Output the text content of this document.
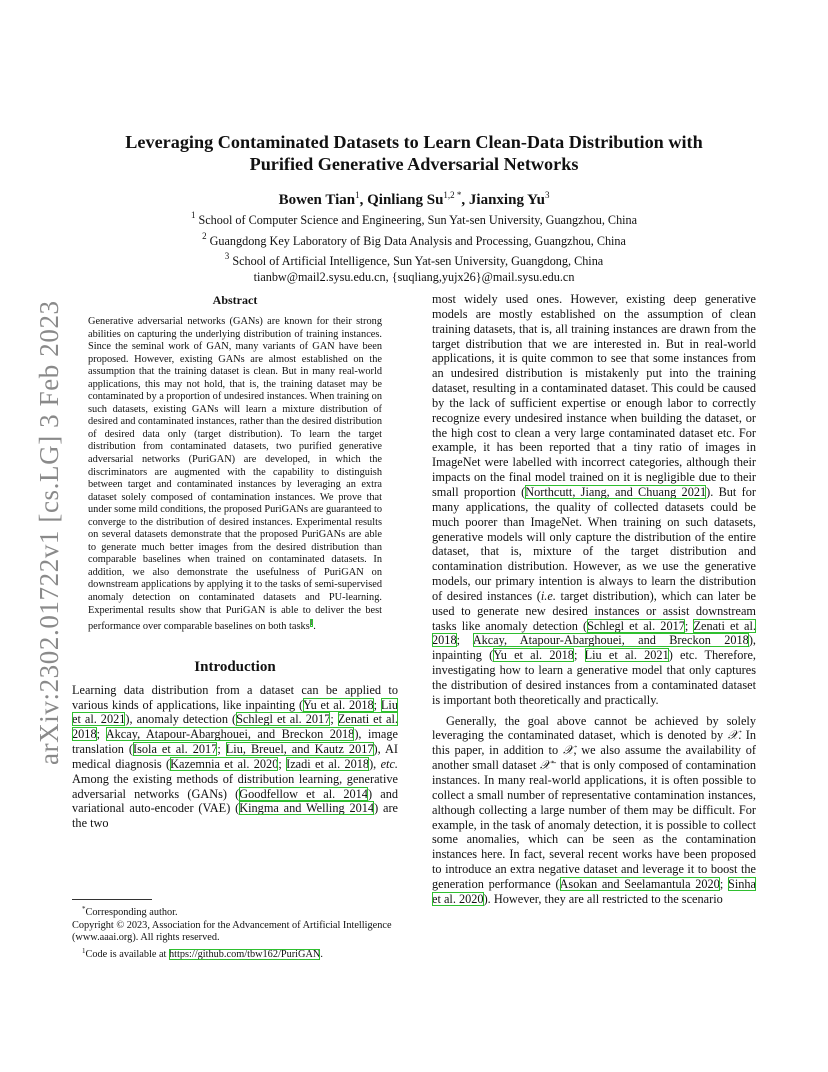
arXiv:2302.01722v1 [cs.LG] 3 Feb 2023
Leveraging Contaminated Datasets to Learn Clean-Data Distribution with
Purified Generative Adversarial Networks
Bowen Tian$^1$, Qinliang $Su^{1,2 *}$, Jianxing Yu$^3$
$^1$ School of Computer Science and Engineering, Sun Yat-sen University, Guangzhou, China
$^2$ Guangdong Key Laboratory of Big Data Analysis and Processing, Guangzhou, China
$^3$ School of Artificial Intelligence, Sun Yat-sen University, Guangdong, China
tianbw@mail2.sysu.edu.cn, {suqliang,yujx26}@mail.sysu.edu.cn
Abstract
Generative adversarial networks (GANs) are known for their strong abilities on capturing the underlying distribution of training instances. Since the seminal work of GAN, many variants of GAN have been proposed. However, existing GANs are almost established on the assumption that the training dataset is clean. But in many real-world applications, this may not hold, that is, the training dataset may be contaminated by a proportion of undesired instances. When training on such datasets, existing GANs will learn a mixture distribution of desired and contaminated instances, rather than the desired distribution of desired data only (target distribution). To learn the target distribution from contaminated datasets, two purified generative adversarial networks (PuriGAN) are developed, in which the discriminators are augmented with the capability to distinguish between target and contaminated instances by leveraging an extra dataset solely composed of contamination instances. We prove that under some mild conditions, the proposed PuriGANs are guaranteed to converge to the distribution of desired instances. Experimental results on several datasets demonstrate that the proposed PuriGANs are able to generate much better images from the desired distribution than comparable baselines when trained on contaminated datasets. In addition, we also demonstrate the usefulness of PuriGAN on downstream applications by applying it to the tasks of semi-supervised anomaly detection on contaminated datasets and PU-learning. Experimental results show that PuriGAN is able to deliver the best performance over comparable baselines on both tasks$^1$.
Introduction

Learning data distribution from a dataset can be applied to various kinds of applications, like inpainting (Yu et al. 2018; Liu et al. 2021), anomaly detection (Schlegl et al. 2017; Zenati et al. 2018; Akcay, Atapour-Abarghouei, and Breckon 2018), image translation (Isola et al. 2017; Liu, Breuel, and Kautz 2017), AI medical diagnosis (Kazemnia et al. 2020; Izadi et al. 2018), etc. Among the existing methods of distribution learning, generative adversarial networks (GANs) (Goodfellow et al. 2014) and variational auto-encoder (VAE) (Kingma and Welling 2014) are the two

*Corresponding author.

Copyright © 2023, Association for the Advancement of Artificial Intelligence (www.aaai.org). All rights reserved.

$^1$Code is available at https://github.com/tbw162/PuriGAN.

most widely used ones. However, existing deep generative models are mostly established on the assumption of clean training datasets, that is, all training instances are drawn from the target distribution that we are interested in. But in real-world applications, it is quite common to see that some instances from an undesired distribution is mistakenly put into the training dataset, resulting in a contaminated dataset. This could be caused by the lack of sufficient expertise or enough labor to correctly recognize every undesired instance when building the dataset, or the high cost to clean a very large contaminated dataset etc. For example, it has been reported that a tiny ratio of images in ImageNet were labelled with incorrect categories, although their impacts on the final model trained on it is negligible due to their small proportion (Northcutt, Jiang, and Chuang 2021). But for many applications, the quality of collected datasets could be much poorer than ImageNet. When training on such datasets, generative models will only capture the distribution of the entire dataset, that is, mixture of the target distribution and contamination distribution. However, as we use the generative models, our primary intention is always to learn the distribution of desired instances (i.e. target distribution), which can later be used to generate new desired instances or assist downstream tasks like anomaly detection (Schlegl et al. 2017; Zenati et al. 2018; Akcay, Atapour-Abarghouei, and Breckon 2018), inpainting (Yu et al. 2018; Liu et al. 2021) etc. Therefore, investigating how to learn a generative model that only captures the distribution of desired instances from a contaminated dataset is important both theoretically and practically.

Generally, the goal above cannot be achieved by solely leveraging the contaminated dataset, which is denoted by 𝒳. In this paper, in addition to 𝒳, we also assume the availability of another small dataset 𝒳⁻ that is only composed of contamination instances. In many real-world applications, it is often possible to collect a small number of representative contamination instances, although collecting a large number of them may be difficult. For example, in the task of anomaly detection, it is possible to collect some anomalies, which can be seen as the contamination instances here. In fact, several recent works have been proposed to introduce an extra negative dataset and leverage it to boost the generation performance (Asokan and Seelamantula 2020; Sinha et al. 2020). However, they are all restricted to the scenario
